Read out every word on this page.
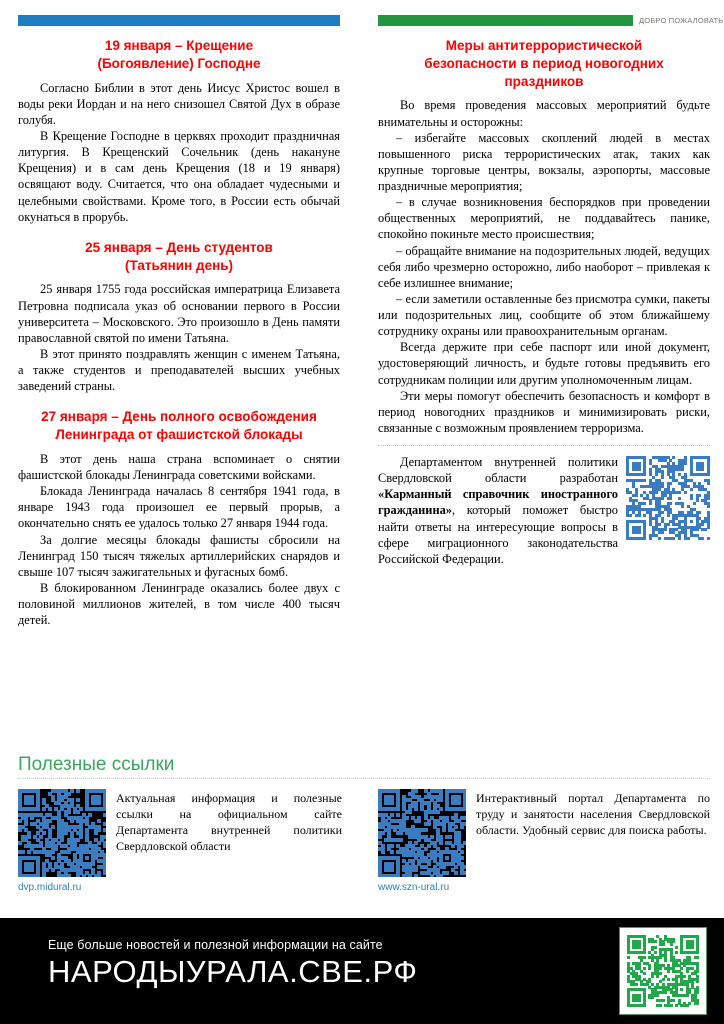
19 января – Крещение
(Богоявление) Господне

Согласно Библии в этот день Иисус Христос вошел в воды реки Иордан и на него снизошел Святой Дух в образе голубя.

В Крещение Господне в церквях проходит праздничная литургия. В Крещенский Сочельник (день накануне Крещения) и в сам день Крещения (18 и 19 января) освящают воду. Считается, что она обладает чудесными и целебными свойствами. Кроме того, в России есть обычай окунаться в прорубь.

25 января – День студентов
(Татьянин день)

25 января 1755 года российская императрица Елизавета Петровна подписала указ об основании первого в России университета – Московского. Это произошло в День памяти православной святой по имени Татьяна.

В этот принято поздравлять женщин с именем Татьяна, а также студентов и преподавателей высших учебных заведений страны.

27 января – День полного освобождения
Ленинграда от фашистской блокады

В этот день наша страна вспоминает о снятии фашистской блокады Ленинграда советскими войсками.

Блокада Ленинграда началась 8 сентября 1941 года, в январе 1943 года произошел ее первый прорыв, а окончательно снять ее удалось только 27 января 1944 года.

За долгие месяцы блокады фашисты сбросили на Ленинград 150 тысяч тяжелых артиллерийских снарядов и свыше 107 тысяч зажигательных и фугасных бомб.

В блокированном Ленинграде оказались более двух с половиной миллионов жителей, в том числе 400 тысяч детей.

ДОБРО ПОЖАЛОВАТЬ
Меры антитеррористической
безопасности в период новогодних
праздников

Во время проведения массовых мероприятий будьте внимательны и осторожны:

– избегайте массовых скоплений людей в местах повышенного риска террористических атак, таких как крупные торговые центры, вокзалы, аэропорты, массовые праздничные мероприятия;

– в случае возникновения беспорядков при проведении общественных мероприятий, не поддавайтесь панике, спокойно покиньте место происшествия;

– обращайте внимание на подозрительных людей, ведущих себя либо чрезмерно осторожно, либо наоборот – привлекая к себе излишнее внимание;

– если заметили оставленные без присмотра сумки, пакеты или подозрительных лиц, сообщите об этом ближайшему сотруднику охраны или правоохранительным органам.

Всегда держите при себе паспорт или иной документ, удостоверяющий личность, и будьте готовы предъявить его сотрудникам полиции или другим уполномоченным лицам.

Эти меры помогут обеспечить безопасность и комфорт в период новогодних праздников и минимизировать риски, связанные с возможным проявлением терроризма.

Департаментом внутренней политики Свердловской области разработан «Карманный справочник иностранного гражданина», который поможет быстро найти ответы на интересующие вопросы в сфере миграционного законодательства Российской Федерации.

Полезные ссылки
dvp.midural.ru
Актуальная информация и полезные ссылки на официальном сайте Департамента внутренней политики Свердловской области
www.szn-ural.ru
Интерактивный портал Департамента по труду и занятости населения Свердловской области. Удобный сервис для поиска работы.
Еще больше новостей и полезной информации на сайте
НАРОДЫУРАЛА.СВЕ.РФ
